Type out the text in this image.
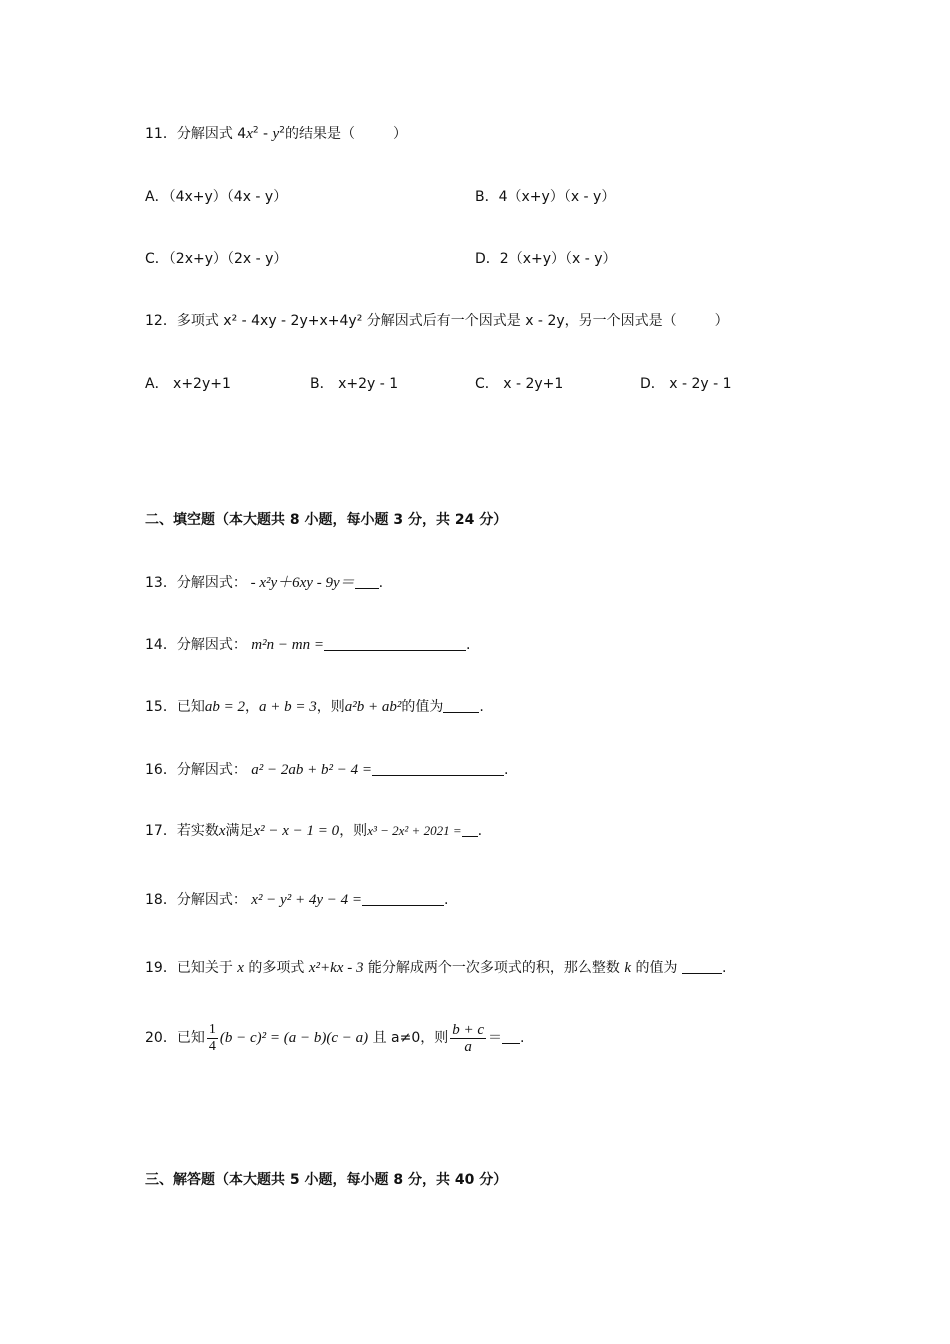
11．分解因式 $4x^2 - y^2$的结果是（	）
A．（4x+y）（4x - y）	B．4（x+y）（x - y）
C．（2x+y）（2x - y）	D．2（x+y）（x - y）
12．多项式 x² - 4xy - 2y+x+4y² 分解因式后有一个因式是 x - 2y，另一个因式是（	）
A． x+2y+1	B． x+2y - 1	C． x - 2y+1	D． x - 2y - 1
二、填空题（本大题共 8 小题，每小题 3 分，共 24 分）
13．分解因式： - x²y＋6xy - 9y＝ .
14．分解因式： m²n − mn =	.
15．已知ab = 2，a + b = 3，则a²b + ab²的值为	.
16．分解因式： a² − 2ab + b² − 4 =	.
17．若实数x满足x² − x − 1 = 0，则x³ − 2x² + 2021 = .
18．分解因式： x² − y² + 4y − 4 =	.
19．已知关于 x 的多项式 x²+kx - 3 能分解成两个一次多项式的积，那么整数 k 的值为	.
20．已知 $\frac{1}{4} (b - c)^2 = (a - b)(c - a)$ 且 a≠0，则 $\frac{b + c}{a}$ ＝ .
三、解答题（本大题共 5 小题，每小题 8 分，共 40 分）
